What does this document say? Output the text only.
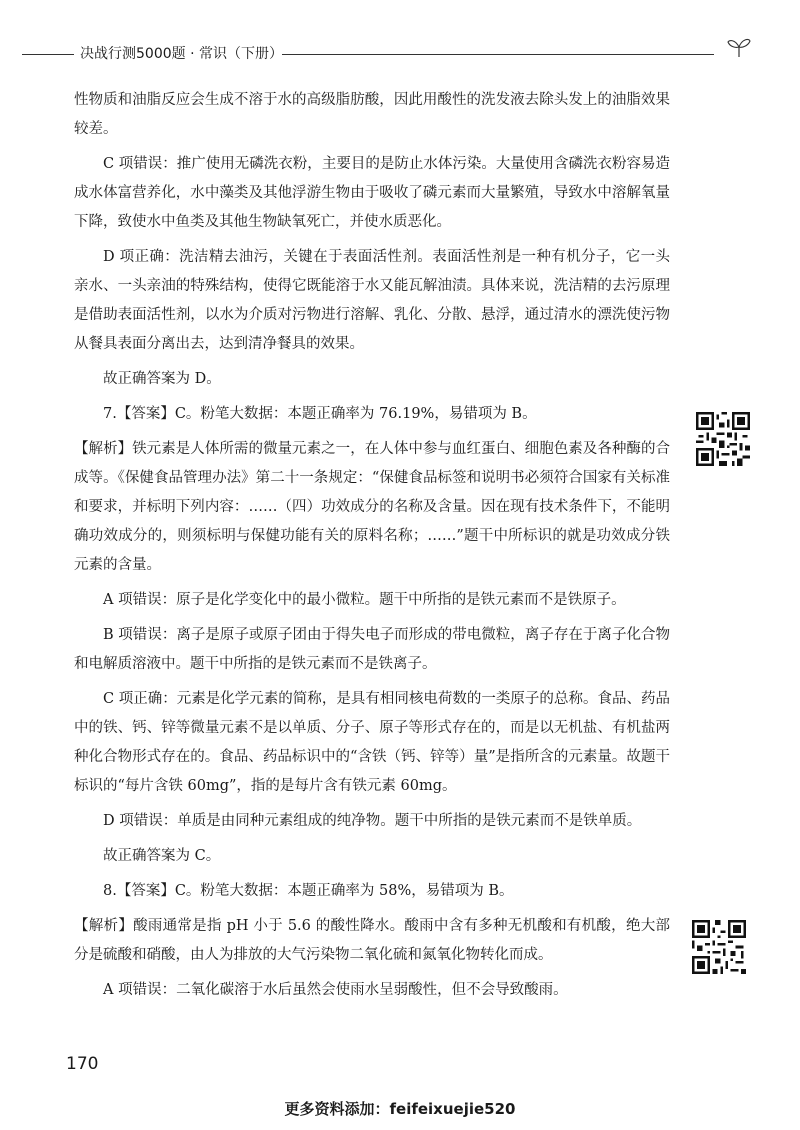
决战行测5000题 · 常识（下册）

性物质和油脂反应会生成不溶于水的高级脂肪酸，因此用酸性的洗发液去除头发上的油脂效果较差。

C 项错误：推广使用无磷洗衣粉，主要目的是防止水体污染。大量使用含磷洗衣粉容易造成水体富营养化，水中藻类及其他浮游生物由于吸收了磷元素而大量繁殖，导致水中溶解氧量下降，致使水中鱼类及其他生物缺氧死亡，并使水质恶化。

D 项正确：洗洁精去油污，关键在于表面活性剂。表面活性剂是一种有机分子，它一头亲水、一头亲油的特殊结构，使得它既能溶于水又能瓦解油渍。具体来说，洗洁精的去污原理是借助表面活性剂，以水为介质对污物进行溶解、乳化、分散、悬浮，通过清水的漂洗使污物从餐具表面分离出去，达到清净餐具的效果。

故正确答案为 D。

7.【答案】C。粉笔大数据：本题正确率为 76.19%，易错项为 B。

【解析】铁元素是人体所需的微量元素之一，在人体中参与血红蛋白、细胞色素及各种酶的合成等。《保健食品管理办法》第二十一条规定：“保健食品标签和说明书必须符合国家有关标准和要求，并标明下列内容：……（四）功效成分的名称及含量。因在现有技术条件下，不能明确功效成分的，则须标明与保健功能有关的原料名称；……”题干中所标识的就是功效成分铁元素的含量。

A 项错误：原子是化学变化中的最小微粒。题干中所指的是铁元素而不是铁原子。

B 项错误：离子是原子或原子团由于得失电子而形成的带电微粒，离子存在于离子化合物和电解质溶液中。题干中所指的是铁元素而不是铁离子。

C 项正确：元素是化学元素的简称，是具有相同核电荷数的一类原子的总称。食品、药品中的铁、钙、锌等微量元素不是以单质、分子、原子等形式存在的，而是以无机盐、有机盐两种化合物形式存在的。食品、药品标识中的“含铁（钙、锌等）量”是指所含的元素量。故题干标识的“每片含铁 60mg”，指的是每片含有铁元素 60mg。

D 项错误：单质是由同种元素组成的纯净物。题干中所指的是铁元素而不是铁单质。

故正确答案为 C。

8.【答案】C。粉笔大数据：本题正确率为 58%，易错项为 B。

【解析】酸雨通常是指 pH 小于 5.6 的酸性降水。酸雨中含有多种无机酸和有机酸，绝大部分是硫酸和硝酸，由人为排放的大气污染物二氧化硫和氮氧化物转化而成。

A 项错误：二氧化碳溶于水后虽然会使雨水呈弱酸性，但不会导致酸雨。

170
更多资料添加：feifeixuejie520
